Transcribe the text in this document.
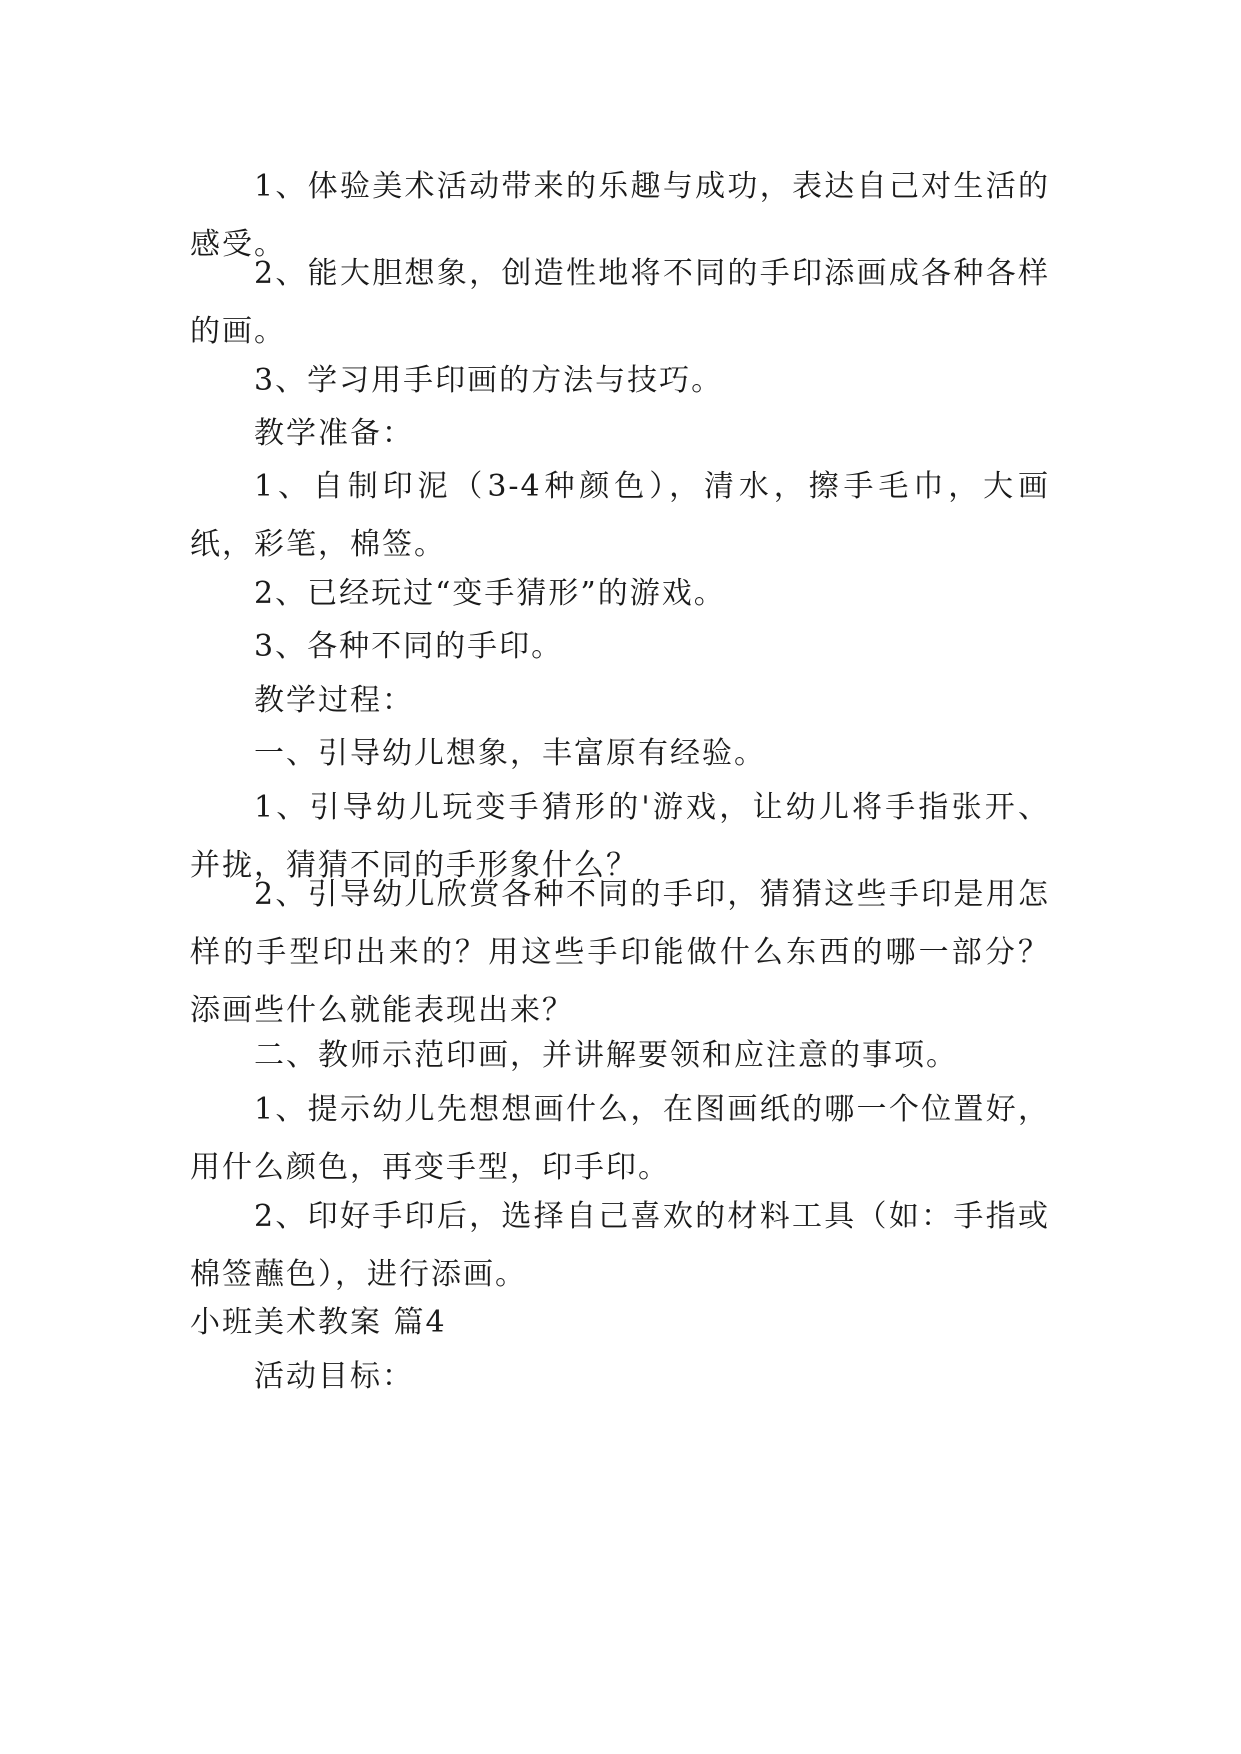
1、体验美术活动带来的乐趣与成功，表达自己对生活的感受。

2、能大胆想象，创造性地将不同的手印添画成各种各样的画。

3、学习用手印画的方法与技巧。

教学准备：

1、自制印泥（3-4种颜色），清水，擦手毛巾，大画纸，彩笔，棉签。

2、已经玩过“变手猜形”的游戏。

3、各种不同的手印。

教学过程：

一、引导幼儿想象，丰富原有经验。

1、引导幼儿玩变手猜形的'游戏，让幼儿将手指张开、并拢，猜猜不同的手形象什么？

2、引导幼儿欣赏各种不同的手印，猜猜这些手印是用怎样的手型印出来的？用这些手印能做什么东西的哪一部分？添画些什么就能表现出来？

二、教师示范印画，并讲解要领和应注意的事项。

1、提示幼儿先想想画什么，在图画纸的哪一个位置好，用什么颜色，再变手型，印手印。

2、印好手印后，选择自己喜欢的材料工具（如：手指或棉签蘸色），进行添画。

小班美术教案 篇4

活动目标：
